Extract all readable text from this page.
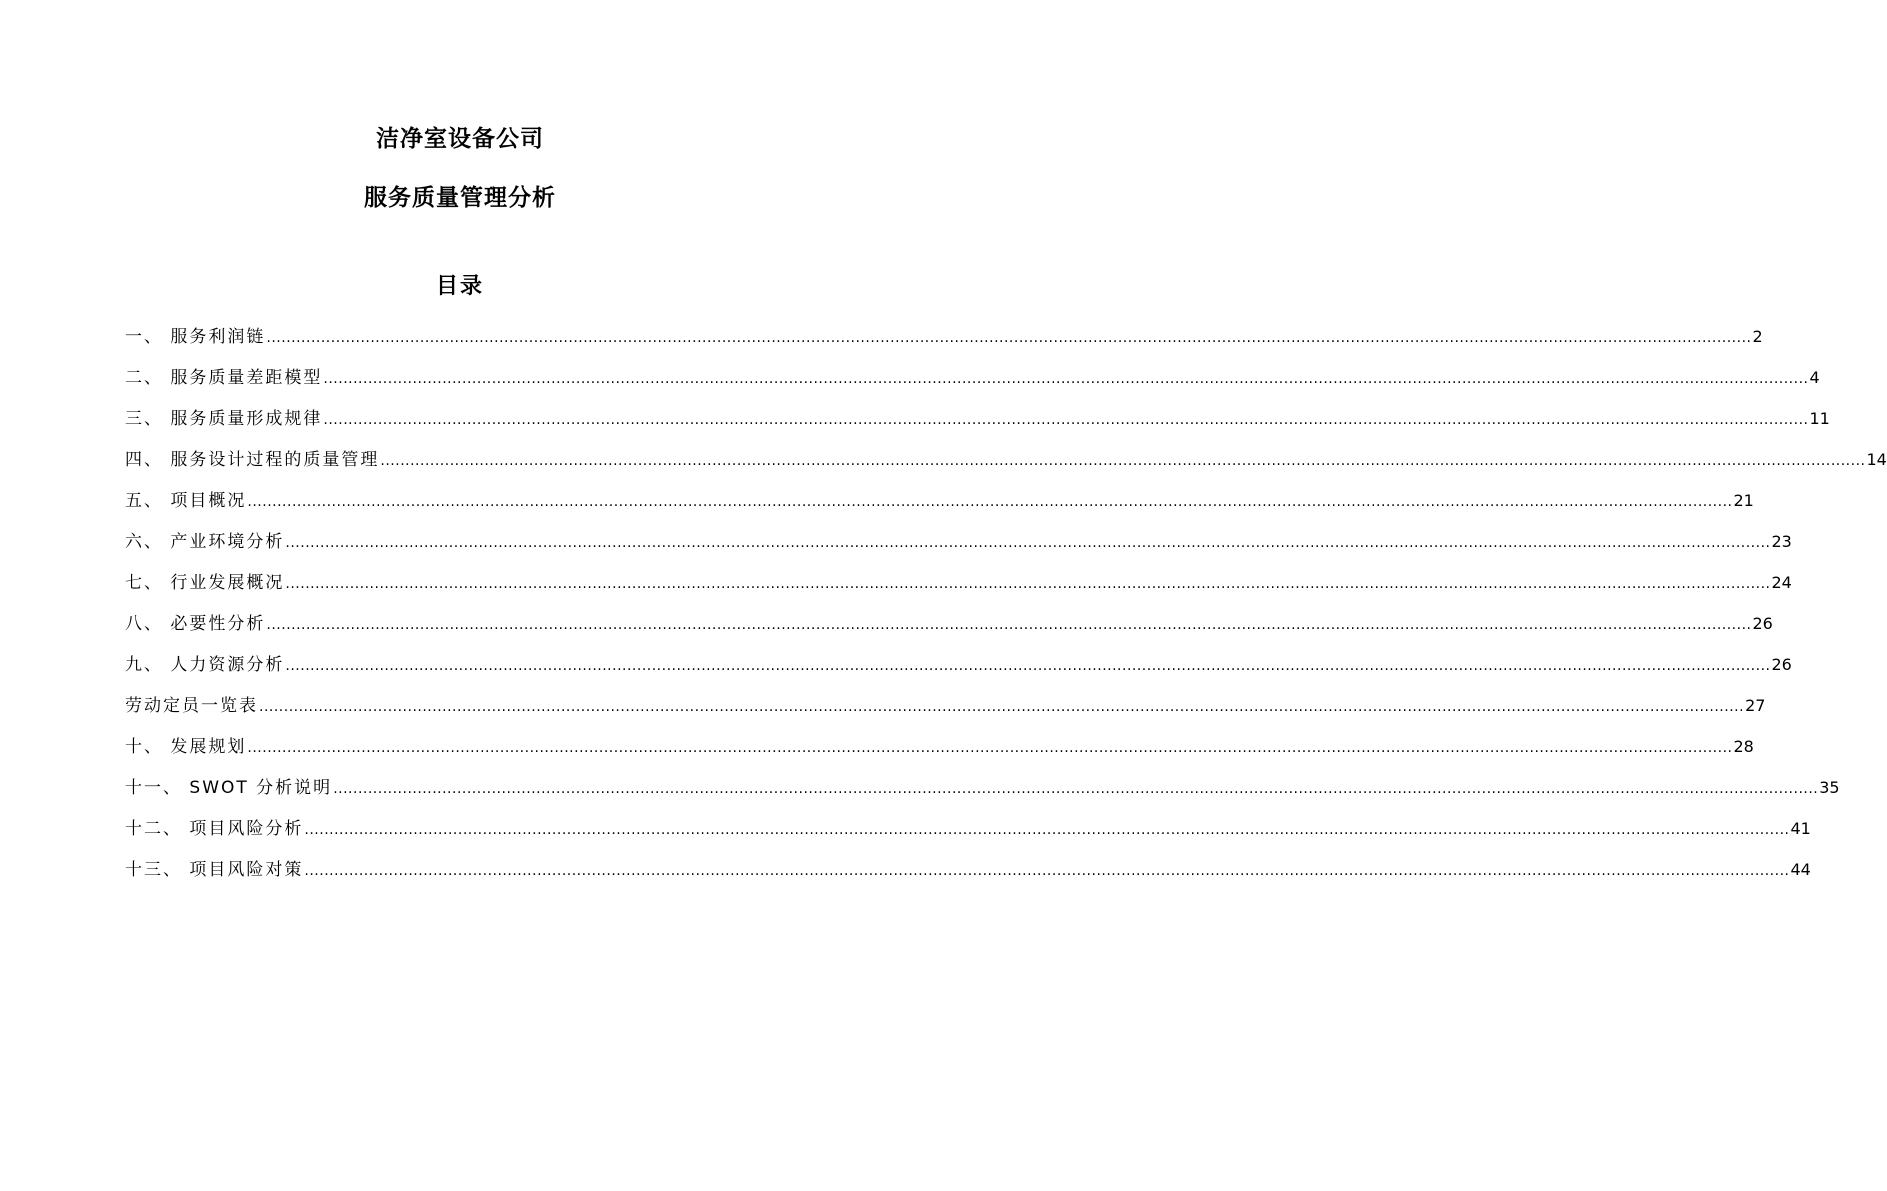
洁净室设备公司
服务质量管理分析
目录
一、 服务利润链 ............................................................................................................................................................................................................................................................................................................ 2
二、 服务质量差距模型 ............................................................................................................................................................................................................................................................................................................ 4
三、 服务质量形成规律 ............................................................................................................................................................................................................................................................................................................ 11
四、 服务设计过程的质量管理 ............................................................................................................................................................................................................................................................................................................ 14
五、 项目概况 ............................................................................................................................................................................................................................................................................................................ 21
六、 产业环境分析 ............................................................................................................................................................................................................................................................................................................ 23
七、 行业发展概况 ............................................................................................................................................................................................................................................................................................................ 24
八、 必要性分析 ............................................................................................................................................................................................................................................................................................................ 26
九、 人力资源分析 ............................................................................................................................................................................................................................................................................................................ 26
劳动定员一览表 ............................................................................................................................................................................................................................................................................................................ 27
十、 发展规划 ............................................................................................................................................................................................................................................................................................................ 28
十一、 SWOT 分析说明 ............................................................................................................................................................................................................................................................................................................ 35
十二、 项目风险分析 ............................................................................................................................................................................................................................................................................................................ 41
十三、 项目风险对策 ............................................................................................................................................................................................................................................................................................................ 44
